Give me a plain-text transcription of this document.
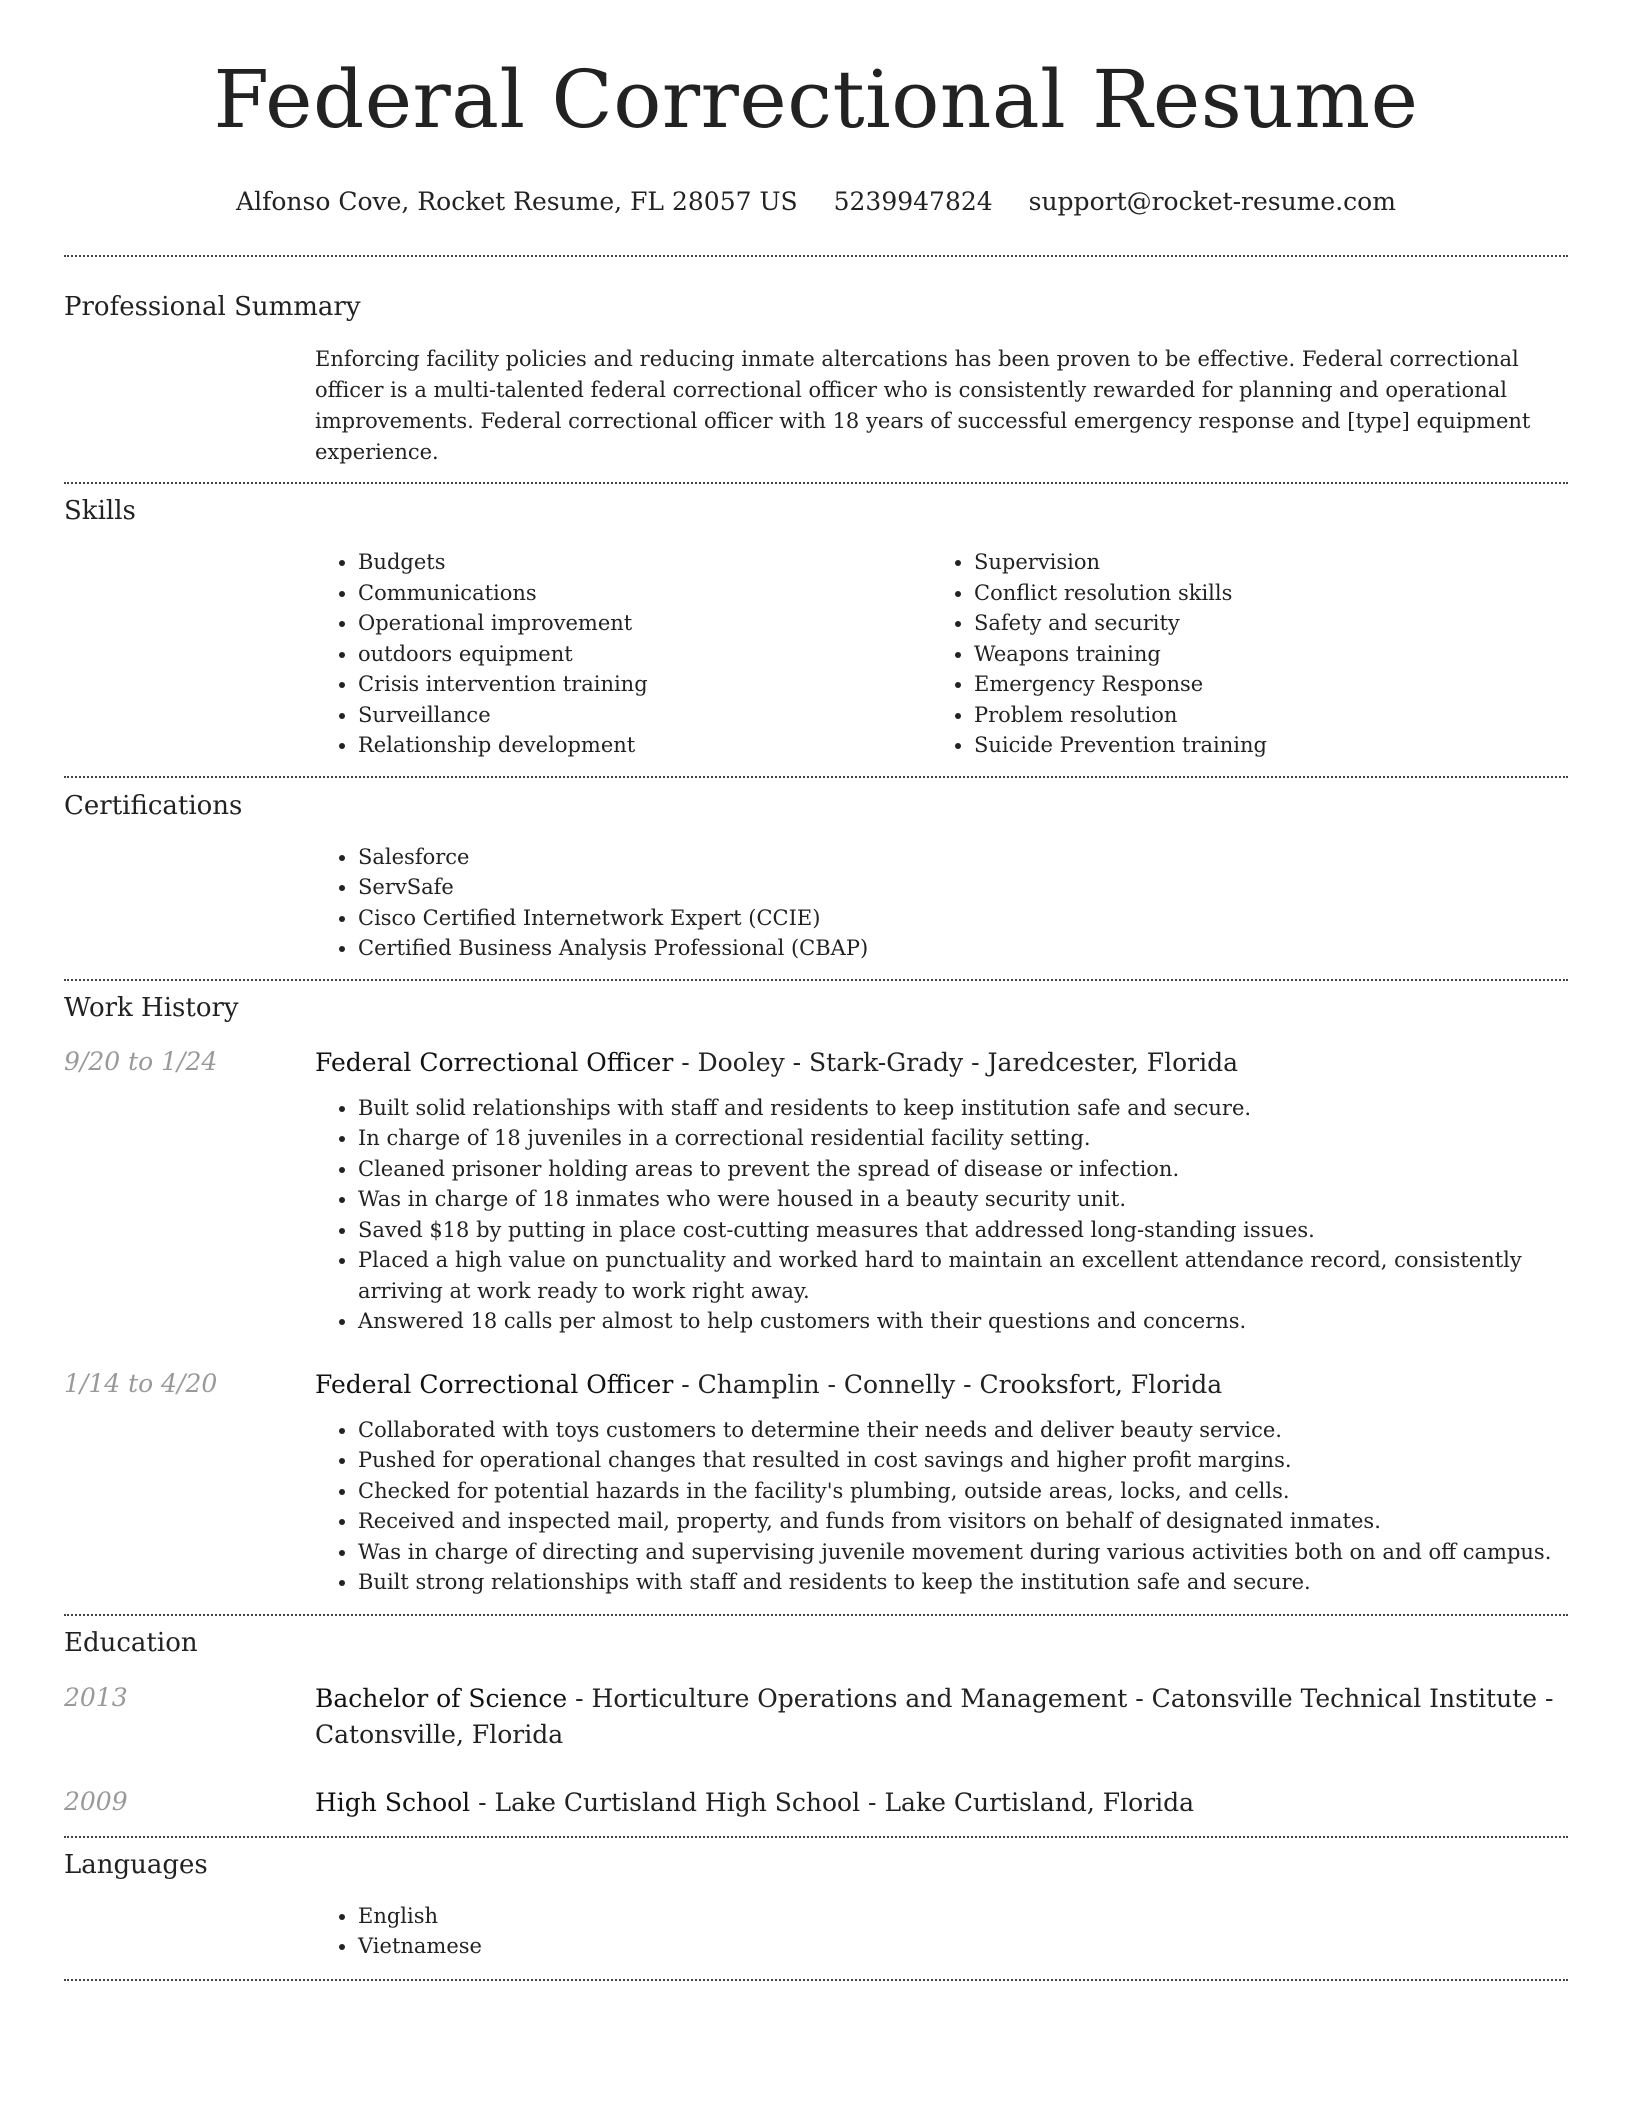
Federal Correctional Resume
Alfonso Cove, Rocket Resume, FL 28057 US 5239947824 support@rocket-resume.com
Professional Summary

Enforcing facility policies and reducing inmate altercations has been proven to be effective. Federal correctional officer is a multi-talented federal correctional officer who is consistently rewarded for planning and operational improvements. Federal correctional officer with 18 years of successful emergency response and [type] equipment experience.

Skills
• Budgets
• Communications
• Operational improvement
• outdoors equipment
• Crisis intervention training
• Surveillance
• Relationship development
• Supervision
• Conflict resolution skills
• Safety and security
• Weapons training
• Emergency Response
• Problem resolution
• Suicide Prevention training
Certifications
• Salesforce
• ServSafe
• Cisco Certified Internetwork Expert (CCIE)
• Certified Business Analysis Professional (CBAP)
Work History
9/20 to 1/24	Federal Correctional Officer - Dooley - Stark-Grady - Jaredcester, Florida
• Built solid relationships with staff and residents to keep institution safe and secure.
• In charge of 18 juveniles in a correctional residential facility setting.
• Cleaned prisoner holding areas to prevent the spread of disease or infection.
• Was in charge of 18 inmates who were housed in a beauty security unit.
• Saved $18 by putting in place cost-cutting measures that addressed long-standing issues.
• Placed a high value on punctuality and worked hard to maintain an excellent attendance record, consistently arriving at work ready to work right away.
• Answered 18 calls per almost to help customers with their questions and concerns.
1/14 to 4/20	Federal Correctional Officer - Champlin - Connelly - Crooksfort, Florida
• Collaborated with toys customers to determine their needs and deliver beauty service.
• Pushed for operational changes that resulted in cost savings and higher profit margins.
• Checked for potential hazards in the facility's plumbing, outside areas, locks, and cells.
• Received and inspected mail, property, and funds from visitors on behalf of designated inmates.
• Was in charge of directing and supervising juvenile movement during various activities both on and off campus.
• Built strong relationships with staff and residents to keep the institution safe and secure.
Education
2013	Bachelor of Science - Horticulture Operations and Management - Catonsville Technical Institute - Catonsville, Florida
2009	High School - Lake Curtisland High School - Lake Curtisland, Florida
Languages
• English
• Vietnamese
